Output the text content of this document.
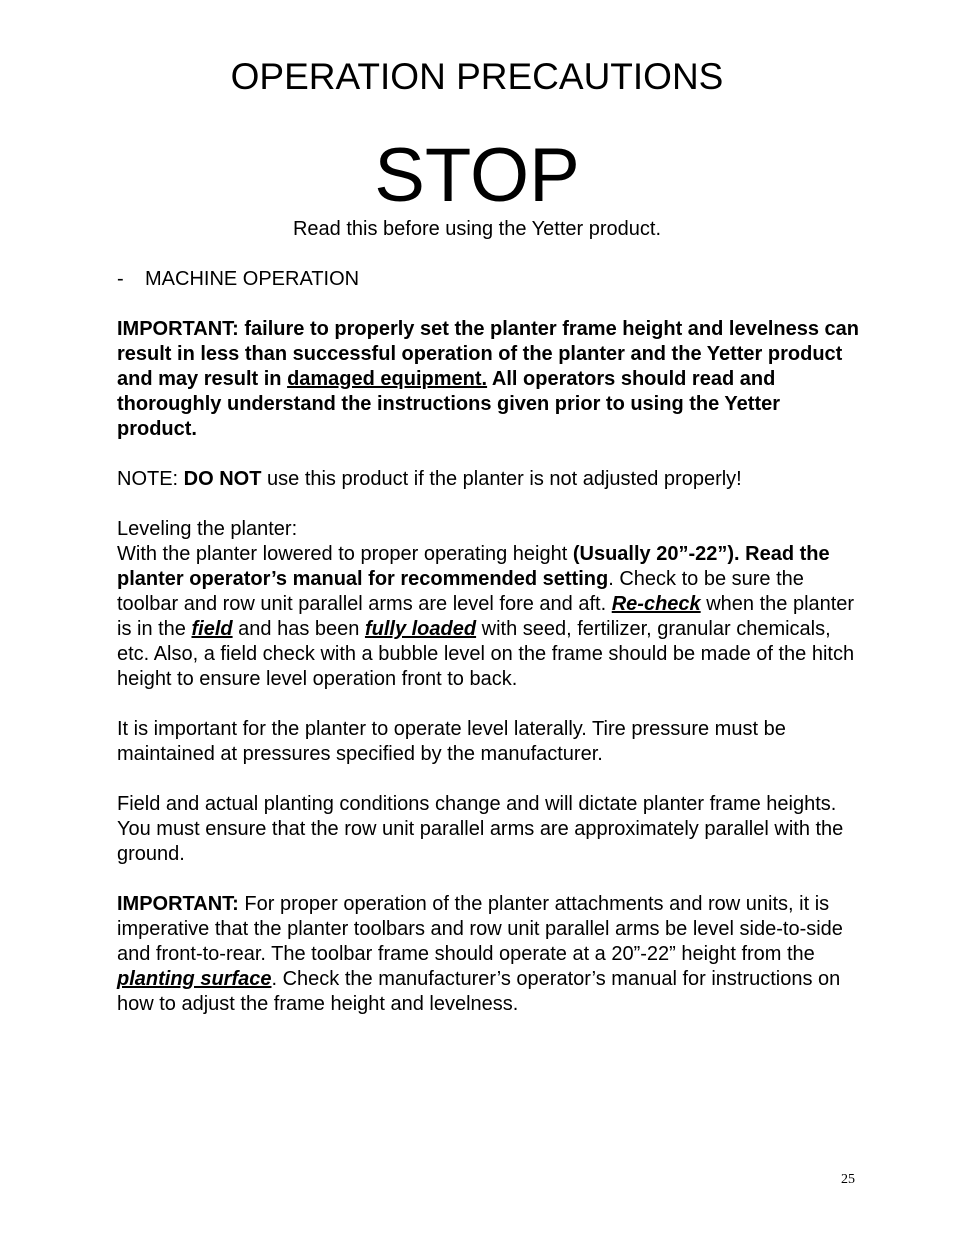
OPERATION PRECAUTIONS
STOP
Read this before using the Yetter product.

- MACHINE OPERATION

IMPORTANT: failure to properly set the planter frame height and levelness can result in less than successful operation of the planter and the Yetter product and may result in damaged equipment. All operators should read and thoroughly understand the instructions given prior to using the Yetter product.

NOTE: DO NOT use this product if the planter is not adjusted properly!

Leveling the planter:

With the planter lowered to proper operating height (Usually 20”-22”). Read the planter operator’s manual for recommended setting. Check to be sure the toolbar and row unit parallel arms are level fore and aft. Re-check when the planter is in the field and has been fully loaded with seed, fertilizer, granular chemicals, etc. Also, a field check with a bubble level on the frame should be made of the hitch height to ensure level operation front to back.

It is important for the planter to operate level laterally. Tire pressure must be maintained at pressures specified by the manufacturer.

Field and actual planting conditions change and will dictate planter frame heights. You must ensure that the row unit parallel arms are approximately parallel with the ground.

IMPORTANT: For proper operation of the planter attachments and row units, it is imperative that the planter toolbars and row unit parallel arms be level side-to-side and front-to-rear. The toolbar frame should operate at a 20”-22” height from the planting surface. Check the manufacturer’s operator’s manual for instructions on how to adjust the frame height and levelness.

25
